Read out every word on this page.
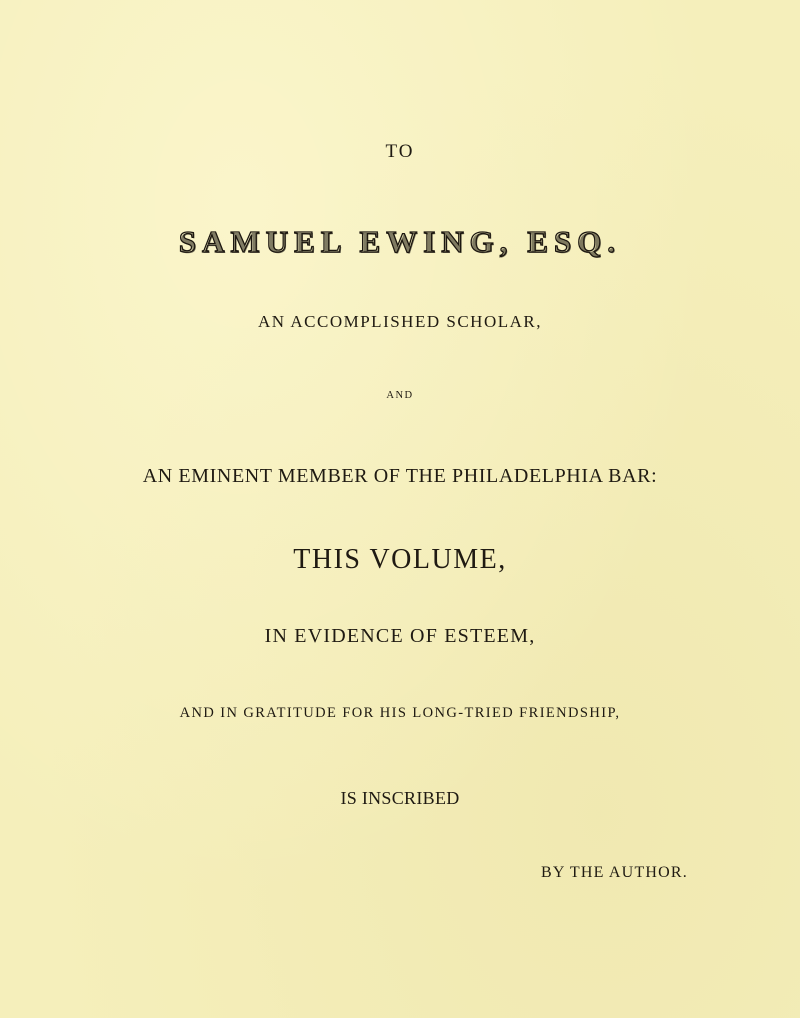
TO
SAMUEL EWING, ESQ.
AN ACCOMPLISHED SCHOLAR,
AND
AN EMINENT MEMBER OF THE PHILADELPHIA BAR:
THIS VOLUME,
IN EVIDENCE OF ESTEEM,
AND IN GRATITUDE FOR HIS LONG-TRIED FRIENDSHIP,
IS INSCRIBED
BY THE AUTHOR.
